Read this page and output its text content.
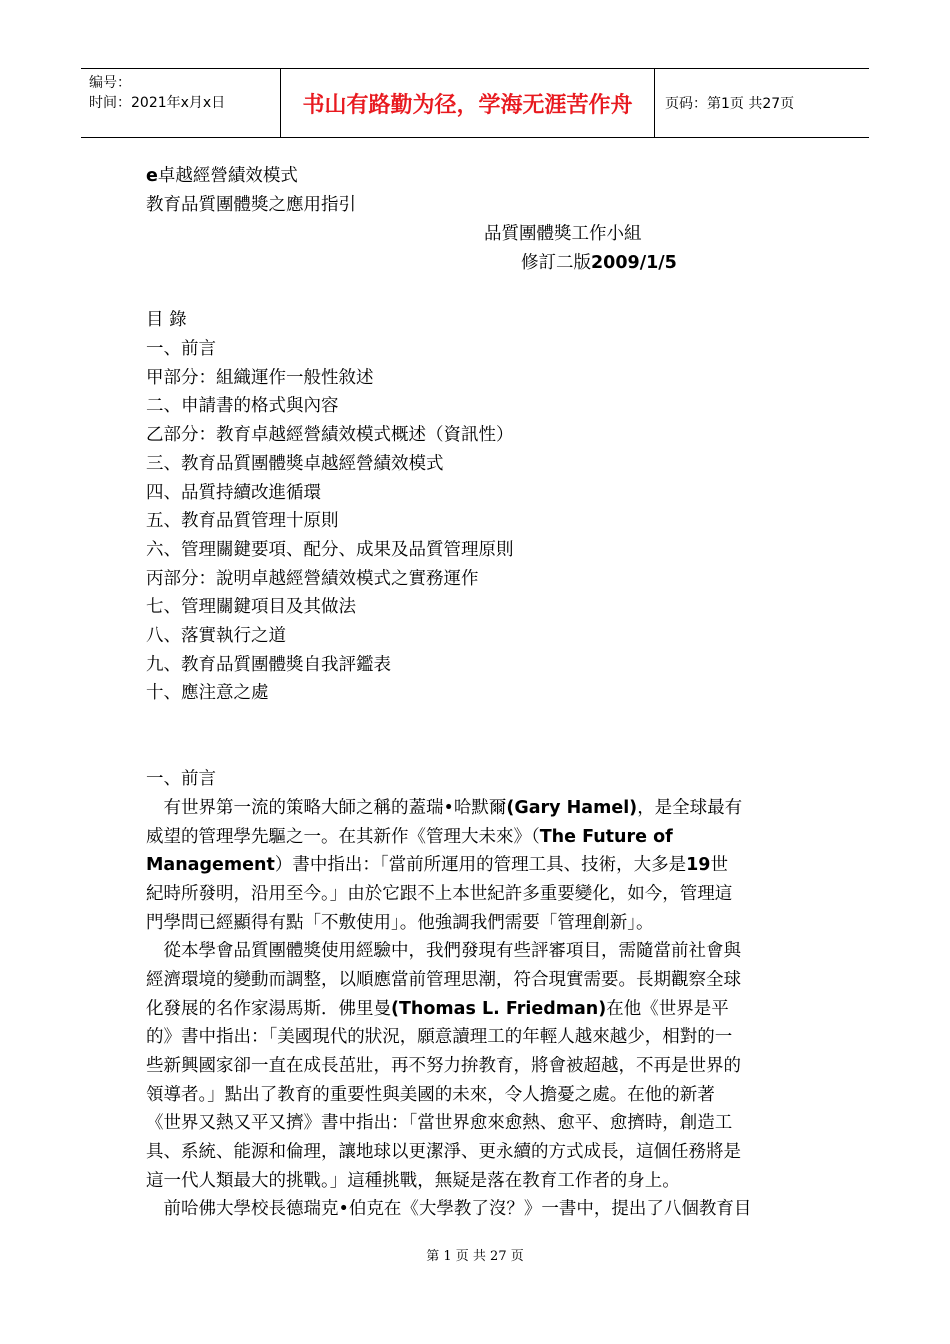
编号：
时间：2021年x月x日	书山有路勤为径，学海无涯苦作舟	页码：第1页 共27页
e卓越經營績效模式
教育品質團體獎之應用指引
品質團體獎工作小組
修訂二版2009/1/5
目 錄
一、前言
甲部分：組織運作一般性敘述
二、申請書的格式與內容
乙部分：教育卓越經營績效模式概述（資訊性）
三、教育品質團體獎卓越經營績效模式
四、品質持續改進循環
五、教育品質管理十原則
六、管理關鍵要項、配分、成果及品質管理原則
丙部分：說明卓越經營績效模式之實務運作
七、管理關鍵項目及其做法
八、落實執行之道
九、教育品質團體獎自我評鑑表
十、應注意之處
一、前言
　有世界第一流的策略大師之稱的蓋瑞•哈默爾(Gary Hamel)，是全球最有
威望的管理學先驅之一。在其新作《管理大未來》（The Future of
Management）書中指出：「當前所運用的管理工具、技術，大多是19世
紀時所發明，沿用至今。」由於它跟不上本世紀許多重要變化，如今，管理這
門學問已經顯得有點「不敷使用」。他強調我們需要「管理創新」。
　從本學會品質團體獎使用經驗中，我們發現有些評審項目，需隨當前社會與
經濟環境的變動而調整，以順應當前管理思潮，符合現實需要。長期觀察全球
化發展的名作家湯馬斯．佛里曼(Thomas L. Friedman)在他《世界是平
的》書中指出：「美國現代的狀況，願意讀理工的年輕人越來越少，相對的一
些新興國家卻一直在成長茁壯，再不努力拚教育，將會被超越，不再是世界的
領導者。」點出了教育的重要性與美國的未來，令人擔憂之處。在他的新著
《世界又熱又平又擠》書中指出：「當世界愈來愈熱、愈平、愈擠時，創造工
具、系統、能源和倫理，讓地球以更潔淨、更永續的方式成長，這個任務將是
這一代人類最大的挑戰。」這種挑戰，無疑是落在教育工作者的身上。
　前哈佛大學校長德瑞克•伯克在《大學教了沒？》一書中，提出了八個教育目
第 1 页 共 27 页
